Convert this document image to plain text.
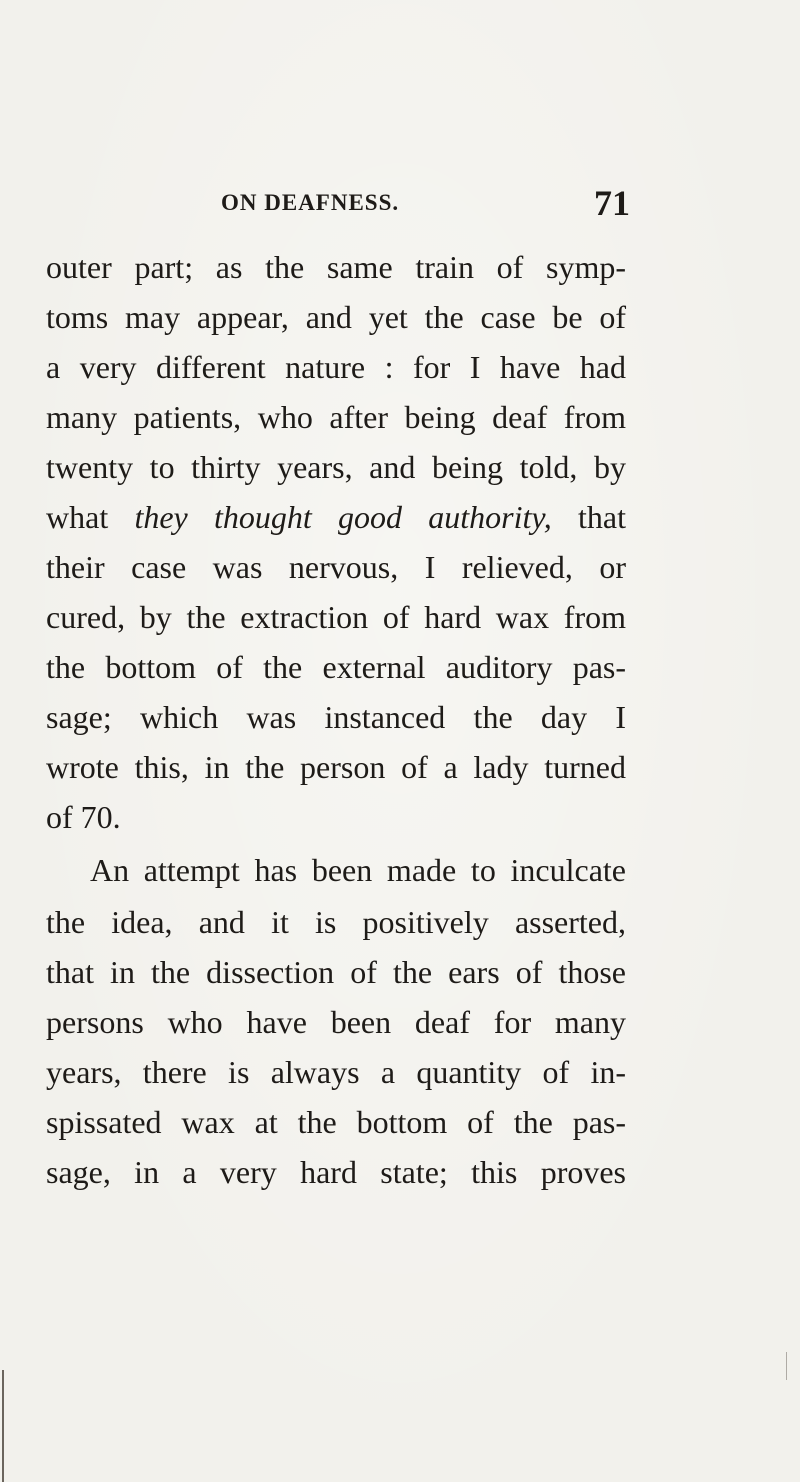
ON DEAFNESS.	71
outer part; as the same train of symp-
toms may appear, and yet the case be of
a very different nature : for I have had
many patients, who after being deaf from
twenty to thirty years, and being told, by
what they thought good authority, that
their case was nervous, I relieved, or
cured, by the extraction of hard wax from
the bottom of the external auditory pas-
sage; which was instanced the day I
wrote this, in the person of a lady turned
of 70.
An attempt has been made to inculcate
the idea, and it is positively asserted,
that in the dissection of the ears of those
persons who have been deaf for many
years, there is always a quantity of in-
spissated wax at the bottom of the pas-
sage, in a very hard state; this proves
